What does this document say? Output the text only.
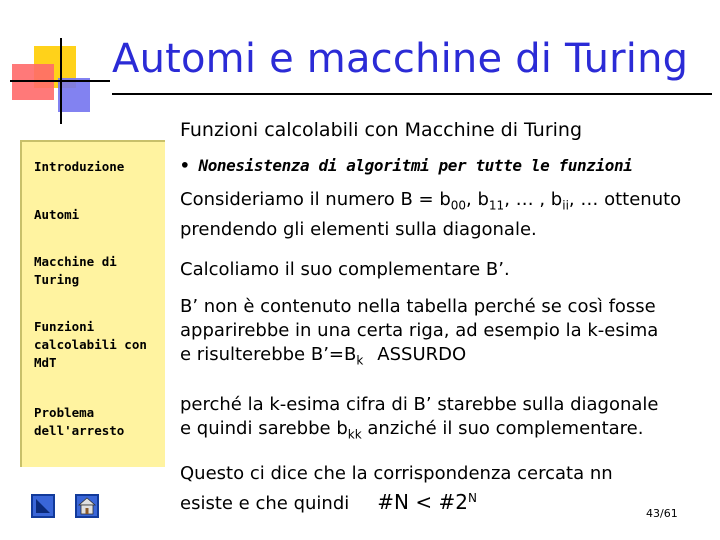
Automi e macchine di Turing
Introduzione
Automi
Macchine di
Turing
Funzioni
calcolabili con
MdT
Problema
dell'arresto
Funzioni calcolabili con Macchine di Turing
• Nonesistenza di algoritmi per tutte le funzioni
Consideriamo il numero $B = b_{00}$, $b_{11}$, … , $b_{ii}$, … ottenuto
prendendo gli elementi sulla diagonale.
Calcoliamo il suo complementare B’.
B’ non è contenuto nella tabella perché se così fosse
apparirebbe in una certa riga, ad esempio la k-esima
e risulterebbe $B’=B_k$ ASSURDO
perché la k-esima cifra di B’ starebbe sulla diagonale
e quindi sarebbe $b_{kk}$ anziché il suo complementare.
Questo ci dice che la corrispondenza cercata nn
esiste e che quindi #N < $\#2^N$
43/61
